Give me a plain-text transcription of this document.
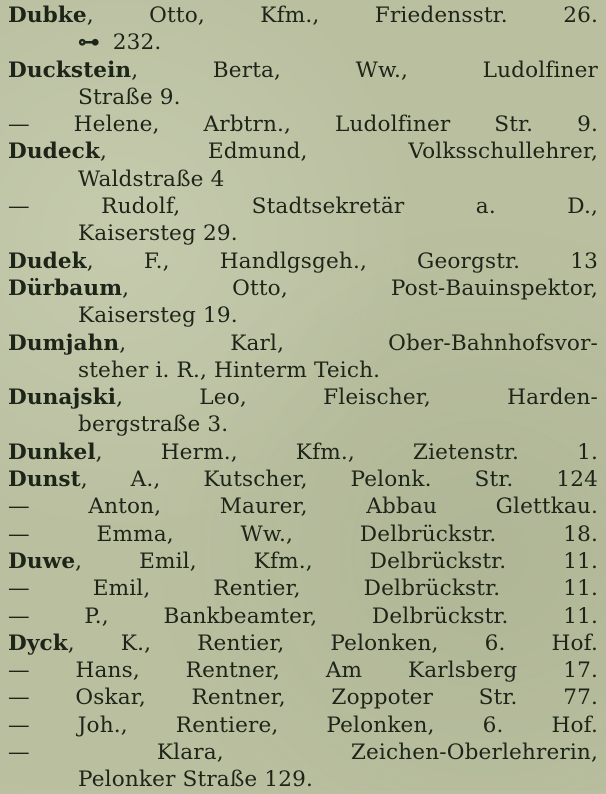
Dubke, Otto, Kfm., Friedensstr. 26.
⊶ 232.
Duckstein, Berta, Ww., Ludolfiner
Straße 9.
— Helene, Arbtrn., Ludolfiner Str. 9.
Dudeck, Edmund, Volksschullehrer,
Waldstraße 4
— Rudolf, Stadtsekretär a. D.,
Kaisersteg 29.
Dudek, F., Handlgsgeh., Georgstr. 13
Dürbaum, Otto, Post-Bauinspektor,
Kaisersteg 19.
Dumjahn, Karl, Ober-Bahnhofsvor-
steher i. R., Hinterm Teich.
Dunajski, Leo, Fleischer, Harden-
bergstraße 3.
Dunkel, Herm., Kfm., Zietenstr. 1.
Dunst, A., Kutscher, Pelonk. Str. 124
— Anton, Maurer, Abbau Glettkau.
— Emma, Ww., Delbrückstr. 18.
Duwe, Emil, Kfm., Delbrückstr. 11.
— Emil, Rentier, Delbrückstr. 11.
— P., Bankbeamter, Delbrückstr. 11.
Dyck, K., Rentier, Pelonken, 6. Hof.
— Hans, Rentner, Am Karlsberg 17.
— Oskar, Rentner, Zoppoter Str. 77.
— Joh., Rentiere, Pelonken, 6. Hof.
— Klara, Zeichen-Oberlehrerin,
Pelonker Straße 129.
